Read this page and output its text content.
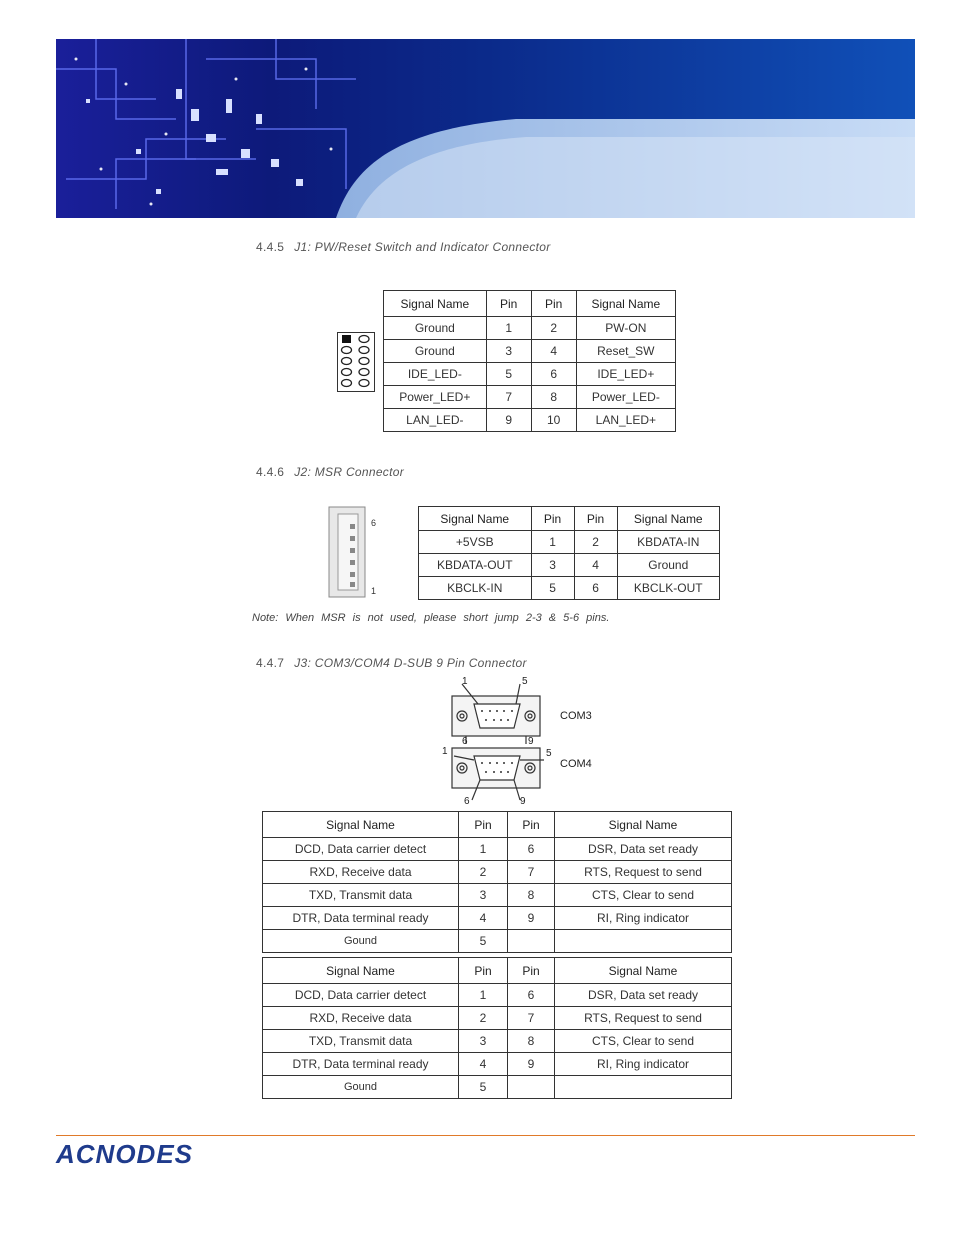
4.4.5 J1: PW/Reset Switch and Indicator Connector
Signal Name	Pin	Pin	Signal Name
Ground	1	2	PW-ON
Ground	3	4	Reset_SW
IDE_LED-	5	6	IDE_LED+
Power_LED+	7	8	Power_LED-
LAN_LED-	9	10	LAN_LED+
4.4.6 J2: MSR Connector
6
1
Signal Name	Pin	Pin	Signal Name
+5VSB	1	2	KBDATA-IN
KBDATA-OUT	3	4	Ground
KBCLK-IN	5	6	KBCLK-OUT
Note: When MSR is not used, please short jump 2-3 & 5-6 pins.
4.4.7 J3: COM3/COM4 D-SUB 9 Pin Connector
1	5
6	9
1	5
6	9
COM3
COM4
Signal Name	Pin	Pin	Signal Name
DCD, Data carrier detect	1	6	DSR, Data set ready
RXD, Receive data	2	7	RTS, Request to send
TXD, Transmit data	3	8	CTS, Clear to send
DTR, Data terminal ready	4	9	RI, Ring indicator
Gound	5		
Signal Name	Pin	Pin	Signal Name
DCD, Data carrier detect	1	6	DSR, Data set ready
RXD, Receive data	2	7	RTS, Request to send
TXD, Transmit data	3	8	CTS, Clear to send
DTR, Data terminal ready	4	9	RI, Ring indicator
Gound	5		
ACNODES
